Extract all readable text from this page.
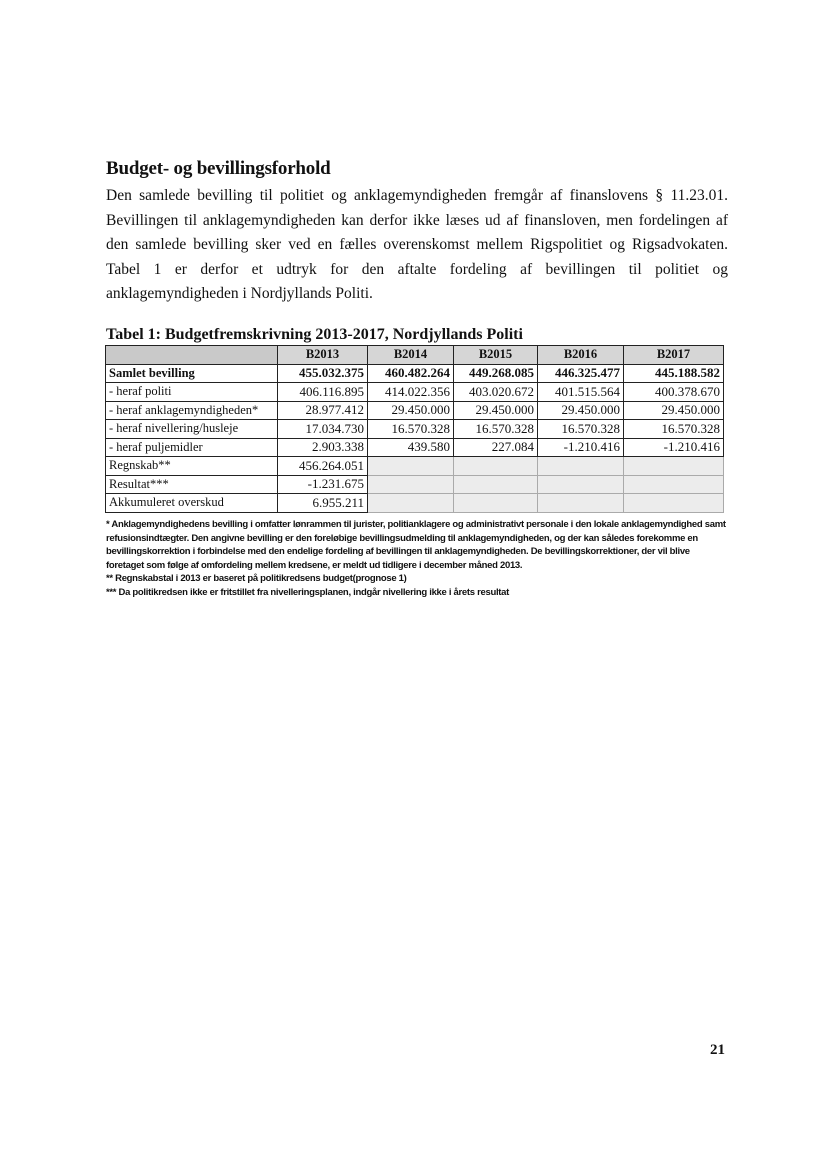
Budget- og bevillingsforhold

Den samlede bevilling til politiet og anklagemyndigheden fremgår af finanslovens § 11.23.01. Bevillingen til anklagemyndigheden kan derfor ikke læses ud af finansloven, men fordelingen af den samlede bevilling sker ved en fælles overenskomst mellem Rigspolitiet og Rigsadvokaten. Tabel 1 er derfor et udtryk for den aftalte fordeling af bevillingen til politiet og anklagemyndigheden i Nordjyllands Politi.

Tabel 1: Budgetfremskrivning 2013-2017, Nordjyllands Politi

	B2013	B2014	B2015	B2016	B2017
Samlet bevilling	455.032.375	460.482.264	449.268.085	446.325.477	445.188.582
- heraf politi	406.116.895	414.022.356	403.020.672	401.515.564	400.378.670
- heraf anklagemyndigheden*	28.977.412	29.450.000	29.450.000	29.450.000	29.450.000
- heraf nivellering/husleje	17.034.730	16.570.328	16.570.328	16.570.328	16.570.328
- heraf puljemidler	2.903.338	439.580	227.084	-1.210.416	-1.210.416
Regnskab**	456.264.051				
Resultat***	-1.231.675				
Akkumuleret overskud	6.955.211				

* Anklagemyndighedens bevilling i omfatter lønrammen til jurister, politianklagere og administrativt personale i den lokale anklagemyndighed samt refusionsindtægter. Den angivne bevilling er den foreløbige bevillingsudmelding til anklagemyndigheden, og der kan således forekomme en bevillingskorrektion i forbindelse med den endelige fordeling af bevillingen til anklagemyndigheden. De bevillingskorrektioner, der vil blive foretaget som følge af omfordeling mellem kredsene, er meldt ud tidligere i december måned 2013.

** Regnskabstal i 2013 er baseret på politikredsens budget(prognose 1)

*** Da politikredsen ikke er fritstillet fra nivelleringsplanen, indgår nivellering ikke i årets resultat

21
